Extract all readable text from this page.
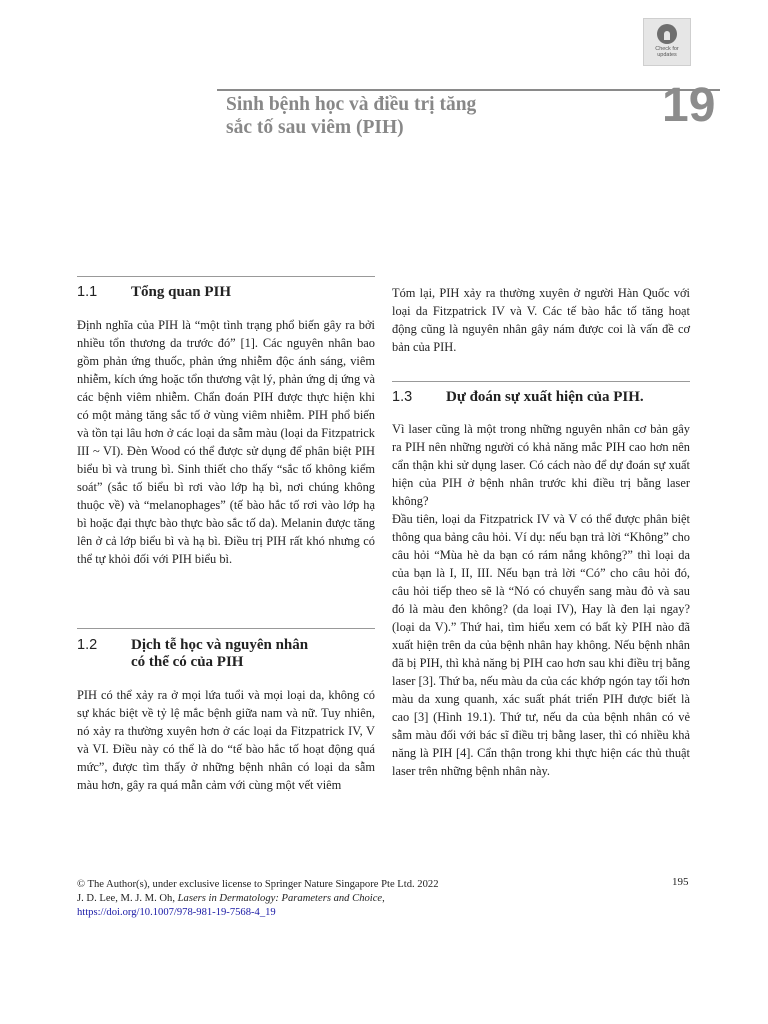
Check for
updates
Sinh bệnh học và điều trị tăng
sắc tố sau viêm (PIH)	19
1.1 Tổng quan PIH

Định nghĩa của PIH là “một tình trạng phổ biến gây ra bởi nhiều tổn thương da trước đó” [1]. Các nguyên nhân bao gồm phản ứng thuốc, phản ứng nhiễm độc ánh sáng, viêm nhiễm, kích ứng hoặc tổn thương vật lý, phản ứng dị ứng và các bệnh viêm nhiễm. Chẩn đoán PIH được thực hiện khi có một mảng tăng sắc tố ở vùng viêm nhiễm. PIH phổ biến và tồn tại lâu hơn ở các loại da sẫm màu (loại da Fitzpatrick III ~ VI). Đèn Wood có thể được sử dụng để phân biệt PIH biểu bì và trung bì. Sinh thiết cho thấy “sắc tố không kiểm soát” (sắc tố biểu bì rơi vào lớp hạ bì, nơi chúng không thuộc về) và “melanophages” (tế bào hắc tố rơi vào lớp hạ bì hoặc đại thực bào thực bào sắc tố da). Melanin được tăng lên ở cả lớp biểu bì và hạ bì. Điều trị PIH rất khó nhưng có thể tự khỏi đối với PIH biểu bì.

1.2 Dịch tễ học và nguyên nhân
có thể có của PIH

PIH có thể xảy ra ở mọi lứa tuổi và mọi loại da, không có sự khác biệt về tỷ lệ mắc bệnh giữa nam và nữ. Tuy nhiên, nó xảy ra thường xuyên hơn ở các loại da Fitzpatrick IV, V và VI. Điều này có thể là do “tế bào hắc tố hoạt động quá mức”, được tìm thấy ở những bệnh nhân có loại da sẫm màu hơn, gây ra quá mẫn cảm với cùng một vết viêm

Tóm lại, PIH xảy ra thường xuyên ở người Hàn Quốc với loại da Fitzpatrick IV và V. Các tế bào hắc tố tăng hoạt động cũng là nguyên nhân gây nám được coi là vấn đề cơ bản của PIH.

1.3 Dự đoán sự xuất hiện của PIH.

Vì laser cũng là một trong những nguyên nhân cơ bản gây ra PIH nên những người có khả năng mắc PIH cao hơn nên cẩn thận khi sử dụng laser. Có cách nào để dự đoán sự xuất hiện của PIH ở bệnh nhân trước khi điều trị bằng laser không?

Đầu tiên, loại da Fitzpatrick IV và V có thể được phân biệt thông qua bảng câu hỏi. Ví dụ: nếu bạn trả lời “Không” cho câu hỏi “Mùa hè da bạn có rám nắng không?” thì loại da của bạn là I, II, III. Nếu bạn trả lời “Có” cho câu hỏi đó, câu hỏi tiếp theo sẽ là “Nó có chuyển sang màu đỏ và sau đó là màu đen không? (da loại IV), Hay là đen lại ngay? (loại da V).” Thứ hai, tìm hiểu xem có bất kỳ PIH nào đã xuất hiện trên da của bệnh nhân hay không. Nếu bệnh nhân đã bị PIH, thì khả năng bị PIH cao hơn sau khi điều trị bằng laser [3]. Thứ ba, nếu màu da của các khớp ngón tay tối hơn màu da xung quanh, xác suất phát triển PIH được biết là cao [3] (Hình 19.1). Thứ tư, nếu da của bệnh nhân có vẻ sẫm màu đối với bác sĩ điều trị bằng laser, thì có nhiều khả năng là PIH [4]. Cẩn thận trong khi thực hiện các thủ thuật laser trên những bệnh nhân này.

© The Author(s), under exclusive license to Springer Nature Singapore Pte Ltd. 2022
J. D. Lee, M. J. M. Oh, Lasers in Dermatology: Parameters and Choice,
https://doi.org/10.1007/978-981-19-7568-4_19
195
